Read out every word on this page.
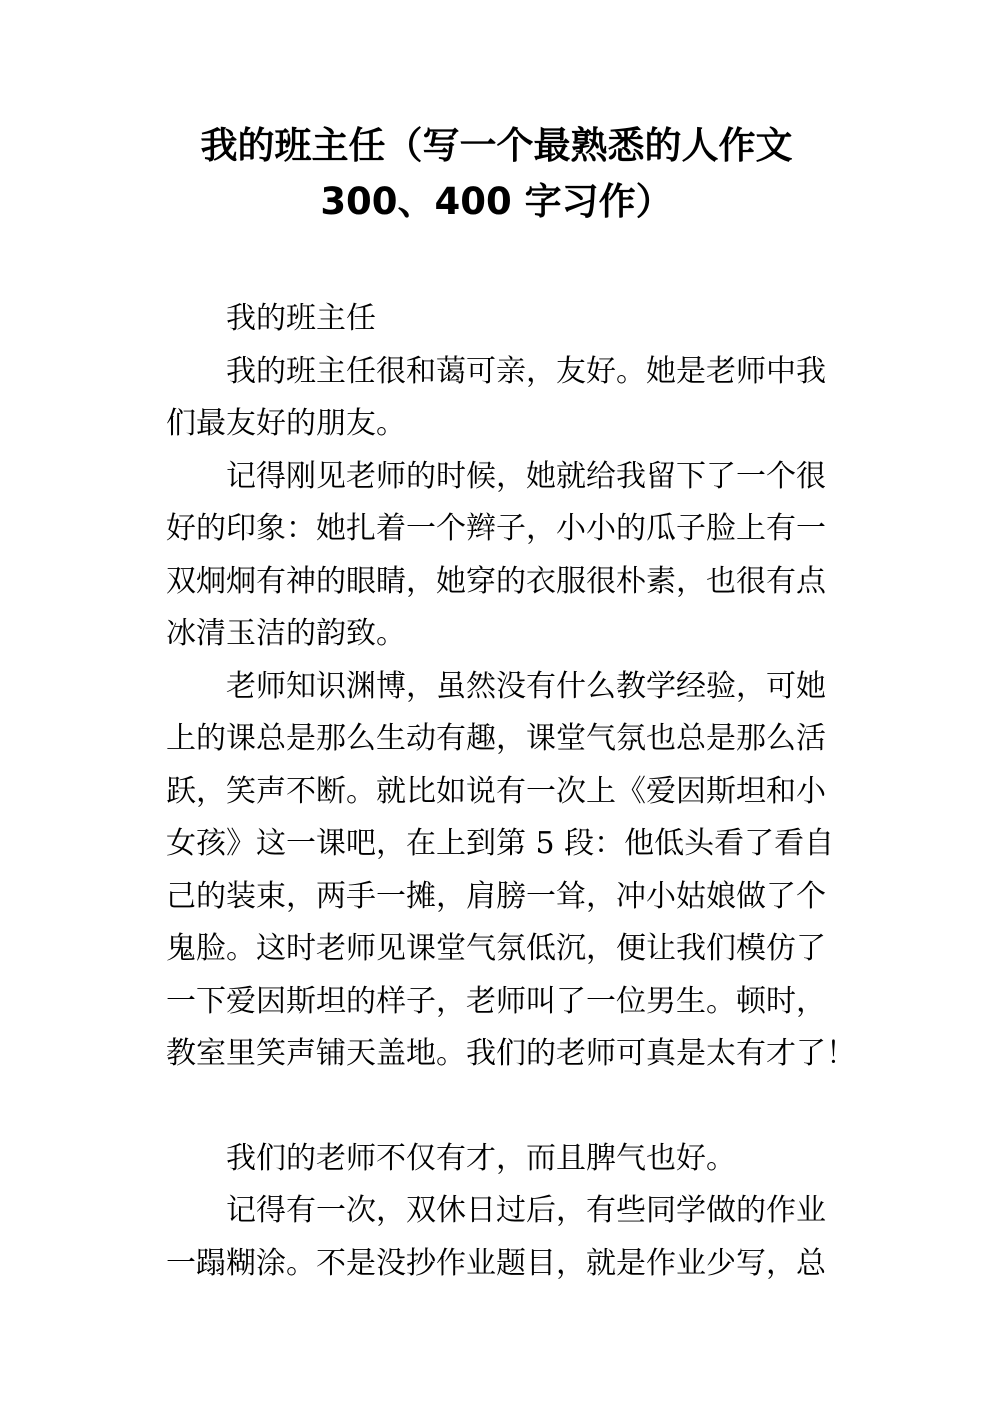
我的班主任（写一个最熟悉的人作文
300、400 字习作）
我的班主任
我的班主任很和蔼可亲，友好。她是老师中我
们最友好的朋友。
记得刚见老师的时候，她就给我留下了一个很
好的印象：她扎着一个辫子，小小的瓜子脸上有一
双炯炯有神的眼睛，她穿的衣服很朴素，也很有点
冰清玉洁的韵致。
老师知识渊博，虽然没有什么教学经验，可她
上的课总是那么生动有趣，课堂气氛也总是那么活
跃，笑声不断。就比如说有一次上《爱因斯坦和小
女孩》这一课吧，在上到第 5 段：他低头看了看自
己的装束，两手一摊，肩膀一耸，冲小姑娘做了个
鬼脸。这时老师见课堂气氛低沉，便让我们模仿了
一下爱因斯坦的样子，老师叫了一位男生。顿时，
教室里笑声铺天盖地。我们的老师可真是太有才了！
我们的老师不仅有才，而且脾气也好。
记得有一次，双休日过后，有些同学做的作业
一蹋糊涂。不是没抄作业题目，就是作业少写，总
